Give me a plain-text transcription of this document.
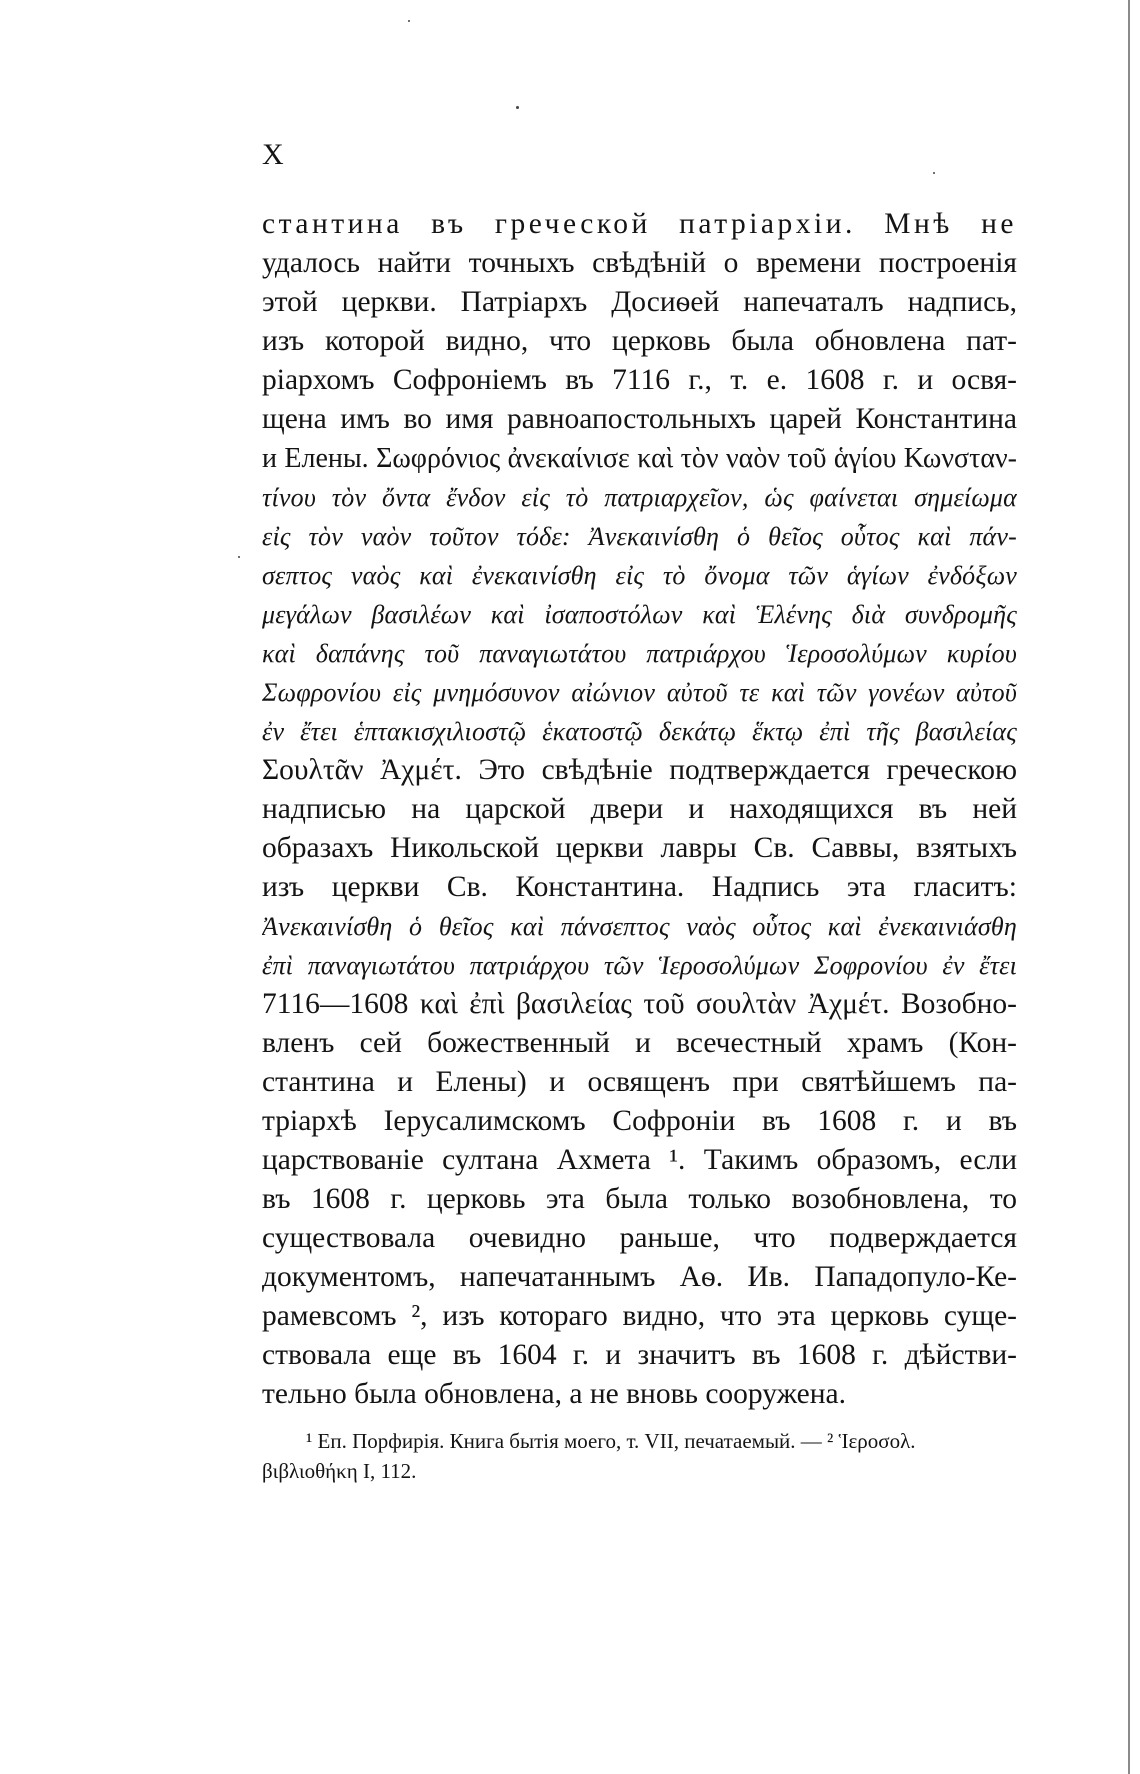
X
стантина въ греческой патріархіи. Мнѣ не
удалось найти точныхъ свѣдѣній о времени построенія
этой церкви. Патріархъ Досиѳей напечаталъ надпись,
изъ которой видно, что церковь была обновлена пат-
ріархомъ Софроніемъ въ 7116 г., т. е. 1608 г. и освя-
щена имъ во имя равноапостольныхъ царей Константина
и Елены. Σωφρόνιος ἀνεκαίνισε καὶ τὸν ναὸν τοῦ ἁγίου Κωνσταν-
τίνου τὸν ὄντα ἔνδον εἰς τὸ πατριαρχεῖον, ὡς φαίνεται σημείωμα
εἰς τὸν ναὸν τοῦτον τόδε: Ἀνεκαινίσθη ὁ θεῖος οὗτος καὶ πάν-
σεπτος ναὸς καὶ ἐνεκαινίσθη εἰς τὸ ὄνομα τῶν ἁγίων ἐνδόξων
μεγάλων βασιλέων καὶ ἰσαποστόλων καὶ Ἑλένης διὰ συνδρομῆς
καὶ δαπάνης τοῦ παναγιωτάτου πατριάρχου Ἱεροσολύμων κυρίου
Σωφρονίου εἰς μνημόσυνον αἰώνιον αὐτοῦ τε καὶ τῶν γονέων αὐτοῦ
ἐν ἔτει ἑπτακισχιλιοστῷ ἑκατοστῷ δεκάτῳ ἕκτῳ ἐπὶ τῆς βασιλείας
Σουλτᾶν Ἀχμέτ. Это свѣдѣніе подтверждается греческою
надписью на царской двери и находящихся въ ней
образахъ Никольской церкви лавры Св. Саввы, взятыхъ
изъ церкви Св. Константина. Надпись эта гласитъ:
Ἀνεκαινίσθη ὁ θεῖος καὶ πάνσεπτος ναὸς οὗτος καὶ ἐνεκαινιάσθη
ἐπὶ παναγιωτάτου πατριάρχου τῶν Ἱεροσολύμων Σοφρονίου ἐν ἔτει
7116—1608 καὶ ἐπὶ βασιλείας τοῦ σουλτὰν Ἀχμέτ. Возобно-
вленъ сей божественный и всечестный храмъ (Кон-
стантина и Елены) и освященъ при святѣйшемъ па-
тріархѣ Іерусалимскомъ Софроніи въ 1608 г. и въ
царствованіе султана Ахмета ¹. Такимъ образомъ, если
въ 1608 г. церковь эта была только возобновлена, то
существовала очевидно раньше, что подверждается
документомъ, напечатаннымъ Аѳ. Ив. Пападопуло-Ке-
рамевсомъ ², изъ котораго видно, что эта церковь суще-
ствовала еще въ 1604 г. и значитъ въ 1608 г. дѣйстви-
тельно была обновлена, а не вновь сооружена.
¹ Еп. Порфирія. Книга бытія моего, т. VII, печатаемый. — ² Ἱεροσολ.
βιβλιοθήκη I, 112.
